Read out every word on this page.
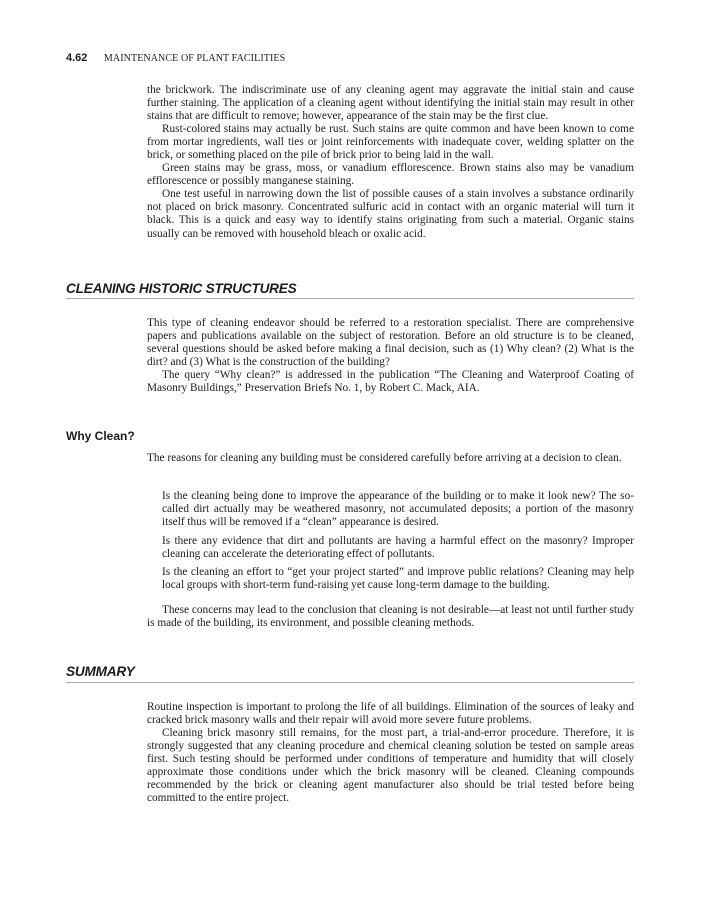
4.62 MAINTENANCE OF PLANT FACILITIES

the brickwork. The indiscriminate use of any cleaning agent may aggravate the initial stain and cause further staining. The application of a cleaning agent without identifying the initial stain may result in other stains that are difficult to remove; however, appearance of the stain may be the first clue.

Rust-colored stains may actually be rust. Such stains are quite common and have been known to come from mortar ingredients, wall ties or joint reinforcements with inadequate cover, welding splatter on the brick, or something placed on the pile of brick prior to being laid in the wall.

Green stains may be grass, moss, or vanadium efflorescence. Brown stains also may be vanadium efflorescence or possibly manganese staining.

One test useful in narrowing down the list of possible causes of a stain involves a substance ordinarily not placed on brick masonry. Concentrated sulfuric acid in contact with an organic material will turn it black. This is a quick and easy way to identify stains originating from such a material. Organic stains usually can be removed with household bleach or oxalic acid.

CLEANING HISTORIC STRUCTURES

This type of cleaning endeavor should be referred to a restoration specialist. There are comprehensive papers and publications available on the subject of restoration. Before an old structure is to be cleaned, several questions should be asked before making a final decision, such as (1) Why clean? (2) What is the dirt? and (3) What is the construction of the building?

The query “Why clean?” is addressed in the publication “The Cleaning and Waterproof Coating of Masonry Buildings,” Preservation Briefs No. 1, by Robert C. Mack, AIA.

Why Clean?

The reasons for cleaning any building must be considered carefully before arriving at a decision to clean.

Is the cleaning being done to improve the appearance of the building or to make it look new? The so-called dirt actually may be weathered masonry, not accumulated deposits; a portion of the masonry itself thus will be removed if a “clean” appearance is desired.

Is there any evidence that dirt and pollutants are having a harmful effect on the masonry? Improper cleaning can accelerate the deteriorating effect of pollutants.

Is the cleaning an effort to “get your project started” and improve public relations? Cleaning may help local groups with short-term fund-raising yet cause long-term damage to the building.

These concerns may lead to the conclusion that cleaning is not desirable—at least not until further study is made of the building, its environment, and possible cleaning methods.

SUMMARY

Routine inspection is important to prolong the life of all buildings. Elimination of the sources of leaky and cracked brick masonry walls and their repair will avoid more severe future problems.

Cleaning brick masonry still remains, for the most part, a trial-and-error procedure. Therefore, it is strongly suggested that any cleaning procedure and chemical cleaning solution be tested on sample areas first. Such testing should be performed under conditions of temperature and humidity that will closely approximate those conditions under which the brick masonry will be cleaned. Cleaning compounds recommended by the brick or cleaning agent manufacturer also should be trial tested before being committed to the entire project.
